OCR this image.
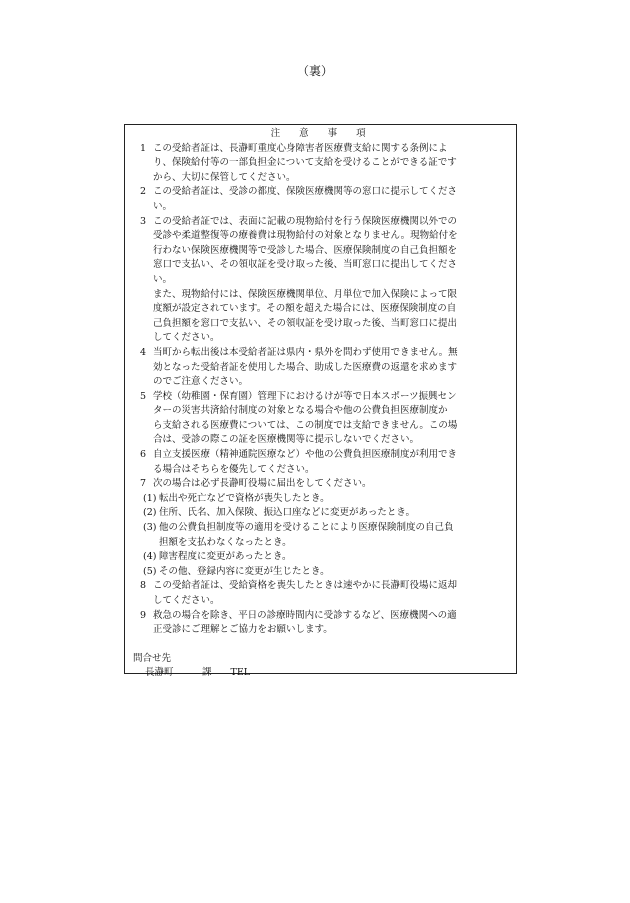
（裏）
注　意　事　項
1 この受給者証は、長瀞町重度心身障害者医療費支給に関する条例によ
り、保険給付等の一部負担金について支給を受けることができる証です
から、大切に保管してください。
2 この受給者証は、受診の都度、保険医療機関等の窓口に提示してくださ
い。
3 この受給者証では、表面に記載の現物給付を行う保険医療機関以外での
受診や柔道整復等の療養費は現物給付の対象となりません。現物給付を
行わない保険医療機関等で受診した場合、医療保険制度の自己負担額を
窓口で支払い、その領収証を受け取った後、当町窓口に提出してくださ
い。
また、現物給付には、保険医療機関単位、月単位で加入保険によって限
度額が設定されています。その額を超えた場合には、医療保険制度の自
己負担額を窓口で支払い、その領収証を受け取った後、当町窓口に提出
してください。
4 当町から転出後は本受給者証は県内・県外を問わず使用できません。無
効となった受給者証を使用した場合、助成した医療費の返還を求めます
のでご注意ください。
5 学校（幼稚園・保育園）管理下におけるけが等で日本スポーツ振興セン
ターの災害共済給付制度の対象となる場合や他の公費負担医療制度か
ら支給される医療費については、この制度では支給できません。この場
合は、受診の際この証を医療機関等に提示しないでください。
6 自立支援医療（精神通院医療など）や他の公費負担医療制度が利用でき
る場合はそちらを優先してください。
7 次の場合は必ず長瀞町役場に届出をしてください。
(1) 転出や死亡などで資格が喪失したとき。
(2) 住所、氏名、加入保険、振込口座などに変更があったとき。
(3) 他の公費負担制度等の適用を受けることにより医療保険制度の自己負
担額を支払わなくなったとき。
(4) 障害程度に変更があったとき。
(5) その他、登録内容に変更が生じたとき。
8 この受給者証は、受給資格を喪失したときは速やかに長瀞町役場に返却
してください。
9 救急の場合を除き、平日の診療時間内に受診するなど、医療機関への適
正受診にご理解とご協力をお願いします。
問合せ先
長瀞町　　　課　　TEL
